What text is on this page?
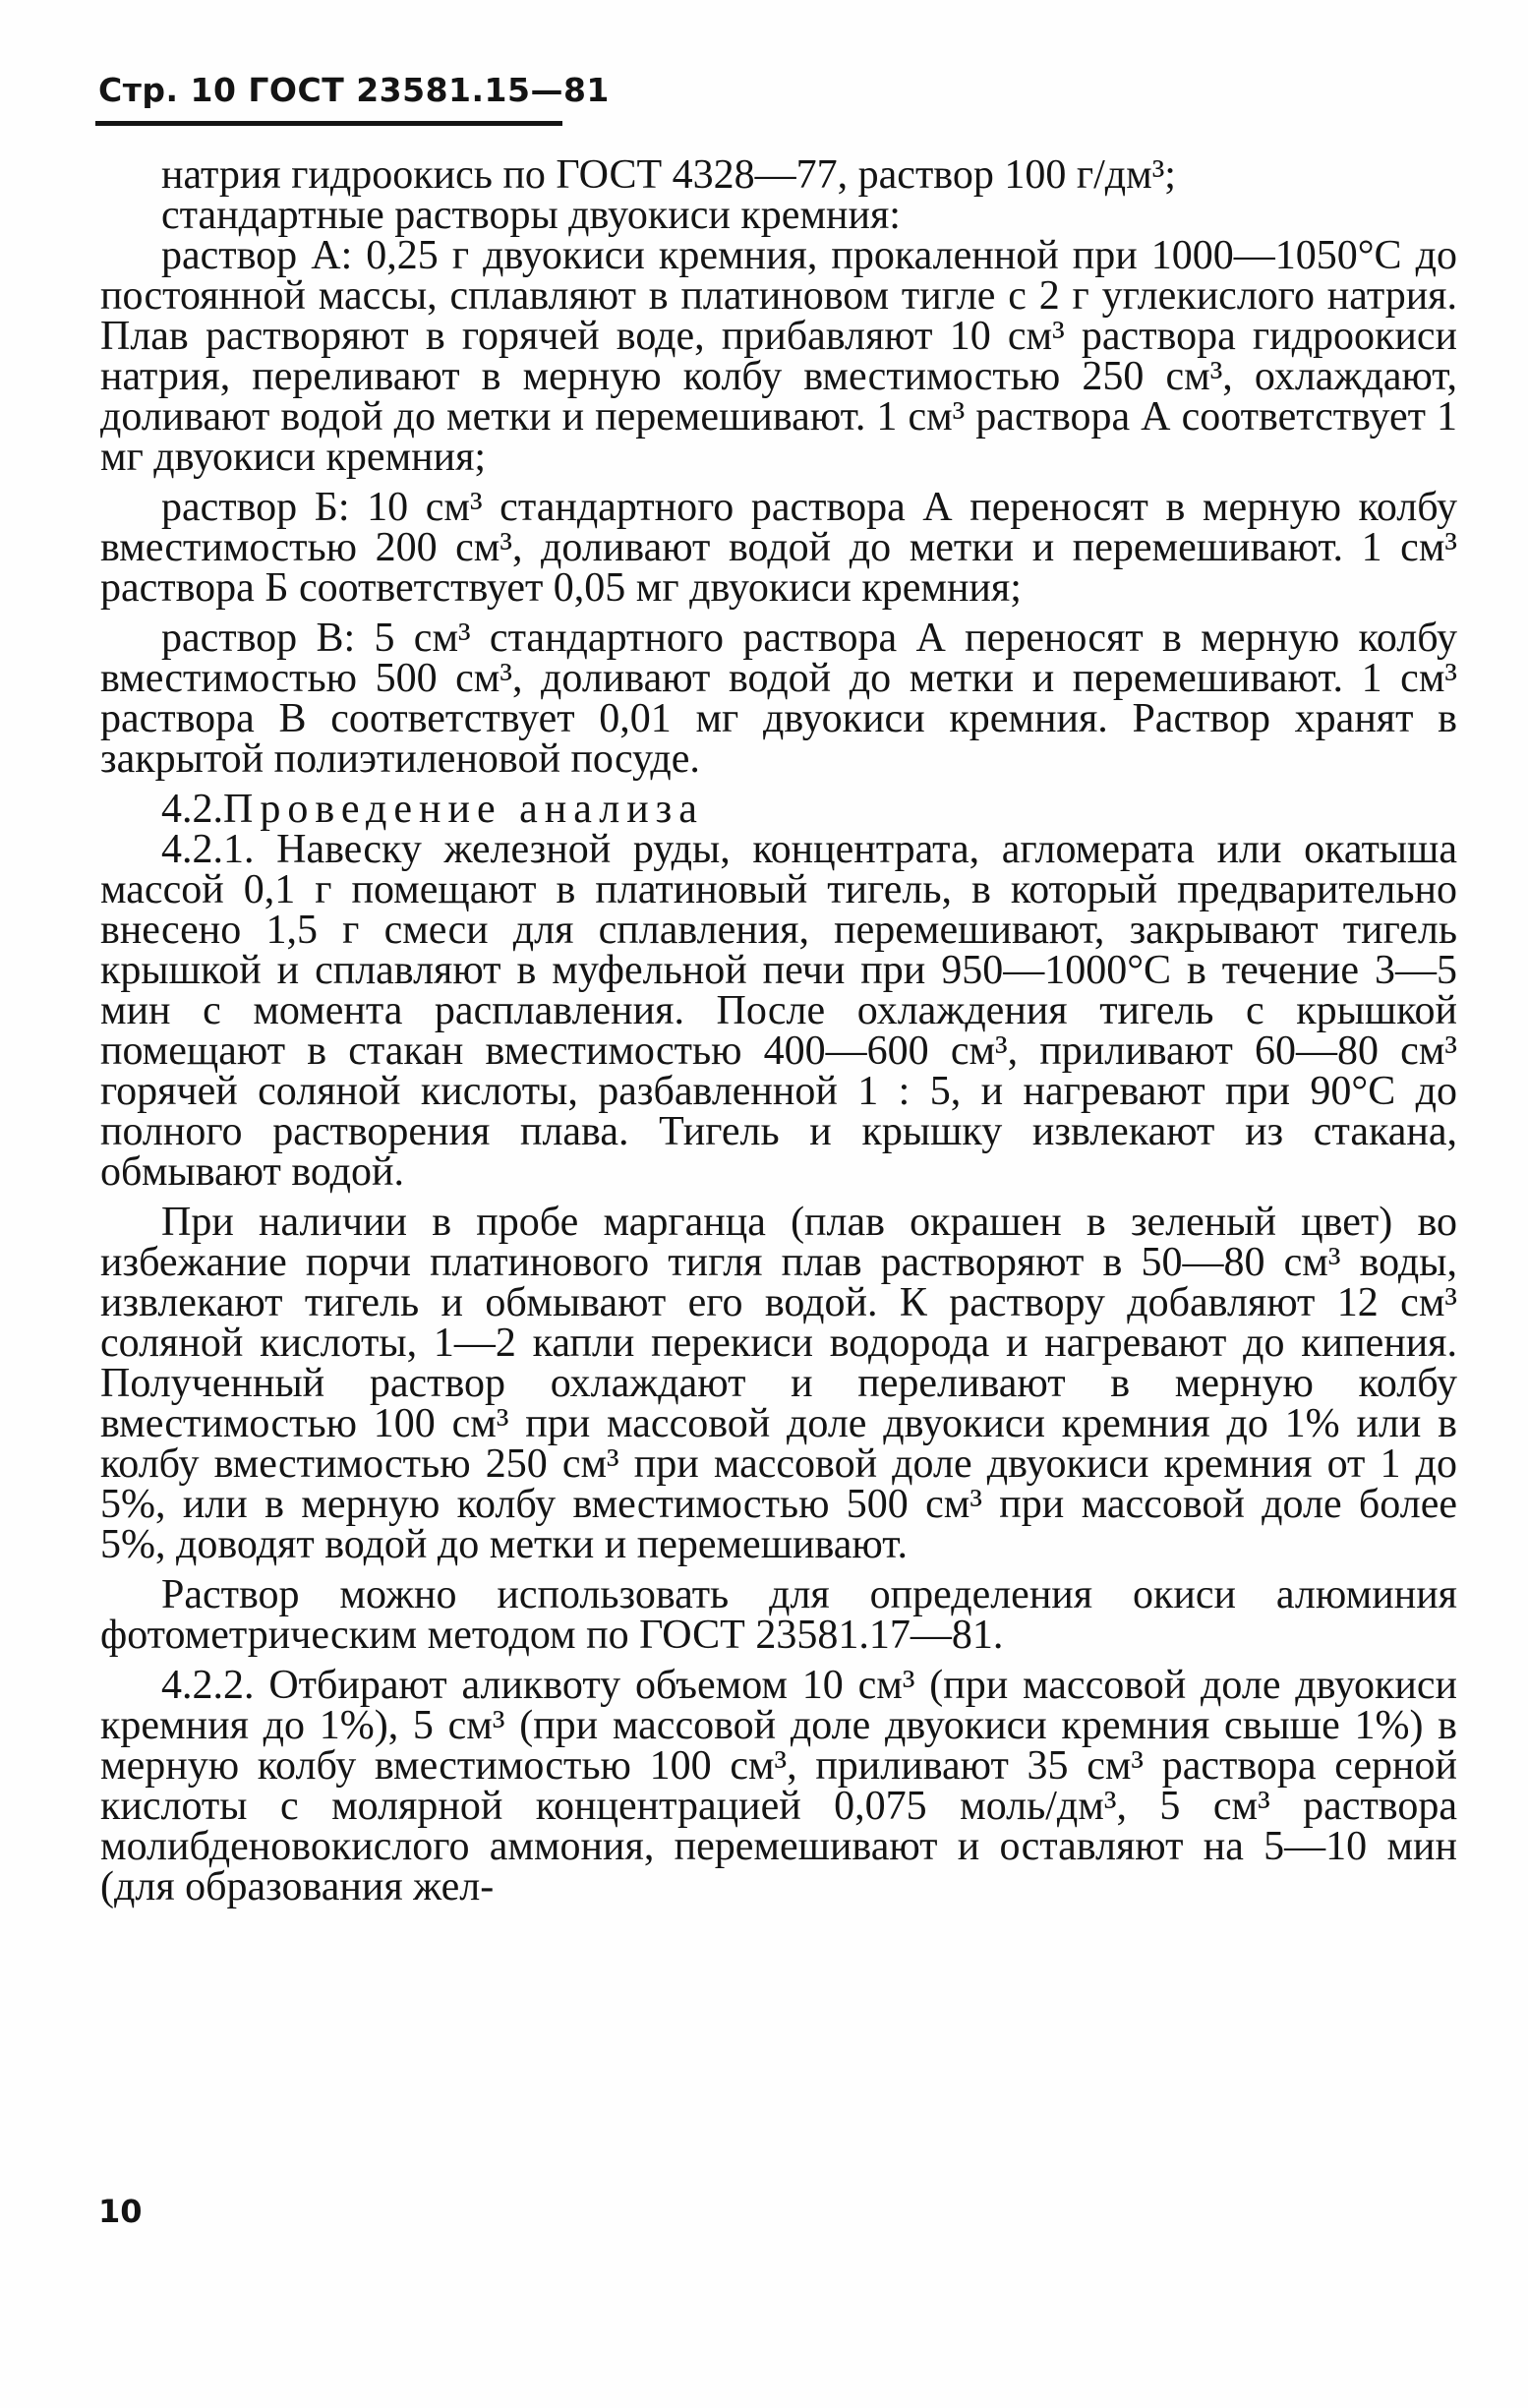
Стр. 10 ГОСТ 23581.15—81

натрия гидроокись по ГОСТ 4328—77, раствор 100 г/дм³;

стандартные растворы двуокиси кремния:

раствор А: 0,25 г двуокиси кремния, прокаленной при 1000—1050°С до постоянной массы, сплавляют в платиновом тигле с 2 г углекислого натрия. Плав растворяют в горячей воде, прибавляют 10 см³ раствора гидроокиси натрия, переливают в мерную колбу вместимостью 250 см³, охлаждают, доливают водой до метки и перемешивают. 1 см³ раствора А соответствует 1 мг двуокиси кремния;

раствор Б: 10 см³ стандартного раствора А переносят в мерную колбу вместимостью 200 см³, доливают водой до метки и перемешивают. 1 см³ раствора Б соответствует 0,05 мг двуокиси кремния;

раствор В: 5 см³ стандартного раствора А переносят в мерную колбу вместимостью 500 см³, доливают водой до метки и перемешивают. 1 см³ раствора В соответствует 0,01 мг двуокиси кремния. Раствор хранят в закрытой полиэтиленовой посуде.

4.2.Проведение анализа

4.2.1. Навеску железной руды, концентрата, агломерата или окатыша массой 0,1 г помещают в платиновый тигель, в который предварительно внесено 1,5 г смеси для сплавления, перемешивают, закрывают тигель крышкой и сплавляют в муфельной печи при 950—1000°С в течение 3—5 мин с момента расплавления. После охлаждения тигель с крышкой помещают в стакан вместимостью 400—600 см³, приливают 60—80 см³ горячей соляной кислоты, разбавленной 1 : 5, и нагревают при 90°С до полного растворения плава. Тигель и крышку извлекают из стакана, обмывают водой.

При наличии в пробе марганца (плав окрашен в зеленый цвет) во избежание порчи платинового тигля плав растворяют в 50—80 см³ воды, извлекают тигель и обмывают его водой. К раствору добавляют 12 см³ соляной кислоты, 1—2 капли перекиси водорода и нагревают до кипения. Полученный раствор охлаждают и переливают в мерную колбу вместимостью 100 см³ при массовой доле двуокиси кремния до 1% или в колбу вместимостью 250 см³ при массовой доле двуокиси кремния от 1 до 5%, или в мерную колбу вместимостью 500 см³ при массовой доле более 5%, доводят водой до метки и перемешивают.

Раствор можно использовать для определения окиси алюминия фотометрическим методом по ГОСТ 23581.17—81.

4.2.2. Отбирают аликвоту объемом 10 см³ (при массовой доле двуокиси кремния до 1%), 5 см³ (при массовой доле двуокиси кремния свыше 1%) в мерную колбу вместимостью 100 см³, приливают 35 см³ раствора серной кислоты с молярной концентрацией 0,075 моль/дм³, 5 см³ раствора молибденовокислого аммония, перемешивают и оставляют на 5—10 мин (для образования жел-

10
